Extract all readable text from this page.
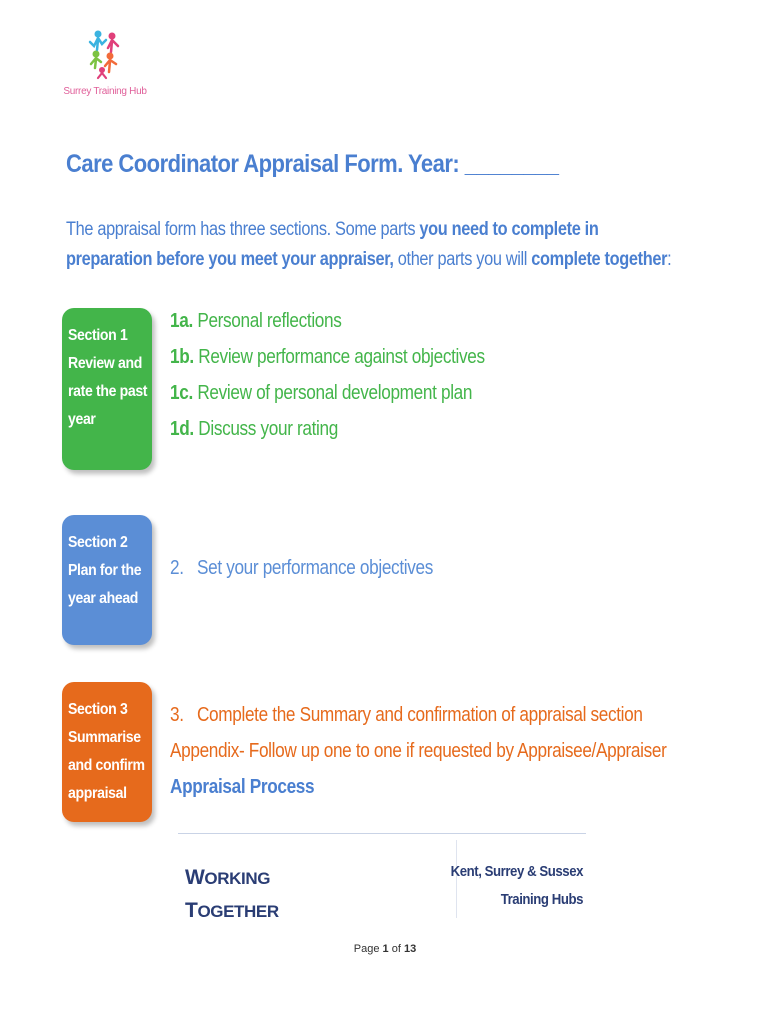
Surrey Training Hub
Care Coordinator Appraisal Form. Year: ________

The appraisal form has three sections. Some parts you need to complete in preparation before you meet your appraiser, other parts you will complete together:

Section 1
Review and
rate the past
year
1a. Personal reflections
1b. Review performance against objectives
1c. Review of personal development plan
1d. Discuss your rating
Section 2
Plan for the
year ahead
2.   Set your performance objectives
Section 3
Summarise
and confirm
appraisal
3.   Complete the Summary and confirmation of appraisal section
Appendix- Follow up one to one if requested by Appraisee/Appraiser
Appraisal Process
WORKING
TOGETHER
Kent, Surrey & Sussex
Training Hubs
Page 1 of 13
